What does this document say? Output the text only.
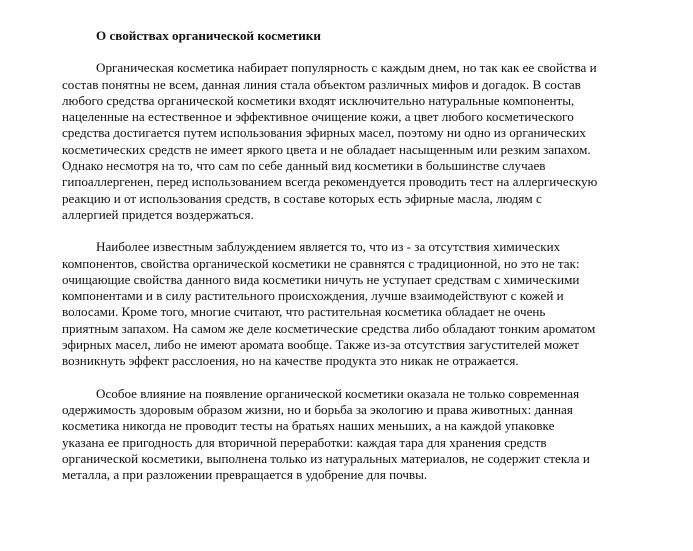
О свойствах органической косметики

Органическая косметика набирает популярность с каждым днем, но так как ее свойства и
состав понятны не всем, данная линия стала объектом различных мифов и догадок. В состав
любого средства органической косметики входят исключительно натуральные компоненты,
нацеленные на естественное и эффективное очищение кожи, а цвет любого косметического
средства достигается путем использования эфирных масел, поэтому ни одно из органических
косметических средств не имеет яркого цвета и не обладает насыщенным или резким запахом.
Однако несмотря на то, что сам по себе данный вид косметики в большинстве случаев
гипоаллергенен, перед использованием всегда рекомендуется проводить тест на аллергическую
реакцию и от использования средств, в составе которых есть эфирные масла, людям с
аллергией придется воздержаться.

Наиболее известным заблуждением является то, что из - за отсутствия химических
компонентов, свойства органической косметики не сравнятся с традиционной, но это не так:
очищающие свойства данного вида косметики ничуть не уступает средствам с химическими
компонентами и в силу растительного происхождения, лучше взаимодействуют с кожей и
волосами. Кроме того, многие считают, что растительная косметика обладает не очень
приятным запахом. На самом же деле косметические средства либо обладают тонким ароматом
эфирных масел, либо не имеют аромата вообще. Также из-за отсутствия загустителей может
возникнуть эффект расслоения, но на качестве продукта это никак не отражается.

Особое влияние на появление органической косметики оказала не только современная
одержимость здоровым образом жизни, но и борьба за экологию и права животных: данная
косметика никогда не проводит тесты на братьях наших меньших, а на каждой упаковке
указана ее пригодность для вторичной переработки: каждая тара для хранения средств
органической косметики, выполнена только из натуральных материалов, не содержит стекла и
металла, а при разложении превращается в удобрение для почвы.
